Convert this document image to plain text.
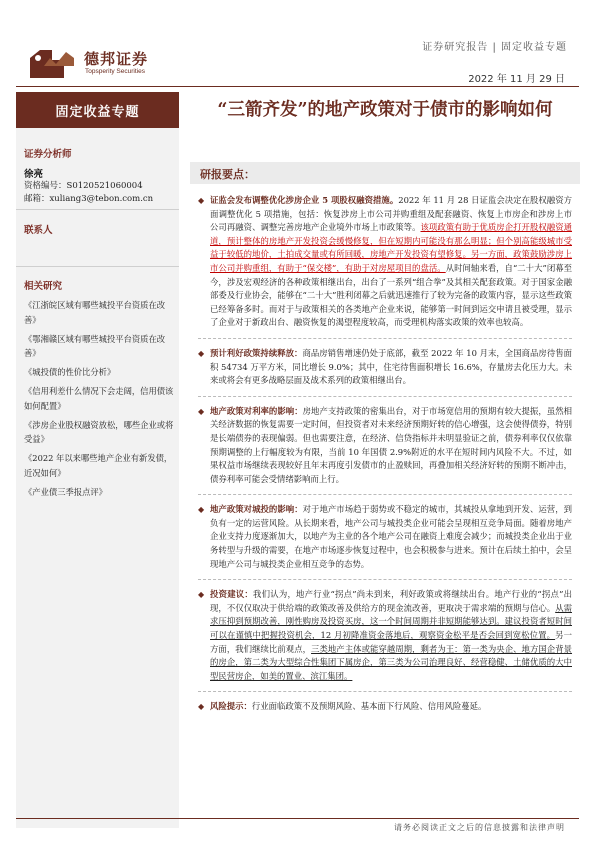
德邦证券
Topsperity Securities
证券研究报告 | 固定收益专题
2022 年 11 月 29 日
固定收益专题
证券分析师
徐亮
资格编号：S0120521060004
邮箱：xuliang3@tebon.com.cn
联系人
相关研究
《江浙皖区域有哪些城投平台资质在改善》
《鄂湘赣区域有哪些城投平台资质在改善》
《城投债的性价比分析》
《信用利差什么情况下会走阔，信用债该如何配置》
《涉房企业股权融资放松，哪些企业或将受益》
《2022 年以来哪些地产企业有新发债，近况如何》
《产业债三季报点评》
“三箭齐发”的地产政策对于债市的影响如何
研报要点：
◆ 证监会发布调整优化涉房企业 5 项股权融资措施。2022 年 11 月 28 日证监会决定在股权融资方面调整优化 5 项措施，包括：恢复涉房上市公司并购重组及配套融资、恢复上市房企和涉房上市公司再融资、调整完善房地产企业境外市场上市政策等。该项政策有助于优质房企打开股权融资通道，预计整体的房地产开发投资会缓慢修复，但在短期内可能没有那么明显；但个别高能级城市受益于较低的地价，土拍成交量或有所回暖，房地产开发投资有望修复。另一方面，政策鼓励涉房上市公司并购重组，有助于“保交楼”，有助于对房屋项目的盘活。从时间轴来看，自“二十大”闭幕至今，涉及宏观经济的各种政策相继出台，出台了一系列“组合拳”及其相关配套政策。对于国家金融部委及行业协会，能够在“二十大”胜利闭幕之后就迅速推行了较为完备的政策内容，显示这些政策已经筹备多时。而对于与政策相关的各类地产企业来说，能够第一时间到运交申请且被受理，显示了企业对于新政出台、融资恢复的渴望程度较高，而受理机构落实政策的效率也较高。
◆ 预计利好政策持续释放：商品房销售增速仍处于底部，截至 2022 年 10 月末，全国商品房待售面积 54734 万平方米，同比增长 9.0%；其中，住宅待售面积增长 16.6%，存量房去化压力大。未来或将会有更多战略层面及战术系列的政策相继出台。
◆ 地产政策对利率的影响：房地产支持政策的密集出台，对于市场宽信用的预期有较大提振，虽然相关经济数据的恢复需要一定时间，但投资者对未来经济预期好转的信心增强，这会使得债券，特别是长端债券的表现偏弱。但也需要注意，在经济、信贷指标并未明显验证之前，债券利率仅仅依靠预期调整的上行幅度较为有限，当前 10 年国债 2.9%附近的水平在短时间内风险不大。不过，如果权益市场继续表现较好且年末再度引发债市的止盈赎回，再叠加相关经济好转的预期不断冲击，债券利率可能会受情绪影响而上行。
◆ 地产政策对城投的影响：对于地产市场趋于弱势或不稳定的城市，其城投从拿地到开发、运营，到负有一定的运营风险。从长期来看，地产公司与城投类企业可能会呈现相互竞争局面。随着房地产企业支持力度逐渐加大，以地产为主业的各个地产公司在融资上难度会减少；而城投类企业出于业务转型与升级的需要，在地产市场逐步恢复过程中，也会积极参与进来。预计在后续土拍中，会呈现地产公司与城投类企业相互竞争的态势。
◆ 投资建议：我们认为，地产行业“拐点”尚未到来，利好政策或将继续出台。地产行业的“拐点”出现，不仅仅取决于供给端的政策改善及供给方的现金流改善，更取决于需求端的预期与信心。从需求压抑到预期改善，刚性购房及投资买房，这一个时间周期并非短期能够达到。建议投资者短时间可以在谨慎中把握投资机会，12 月初降准资金落地后，观察资金松平是否会回到宽松位置。另一方面，我们继续比前观点，三类地产主体或能穿越周期，剩者为王：第一类为央企、地方国企背景的房企，第二类为大型综合性集团下属房企，第三类为公司治理良好、经营稳健、土储优质的大中型民营房企，如美的置业、滨江集团。
◆ 风险提示：行业面临政策不及预期风险、基本面下行风险、信用风险蔓延。
请务必阅读正文之后的信息披露和法律声明
